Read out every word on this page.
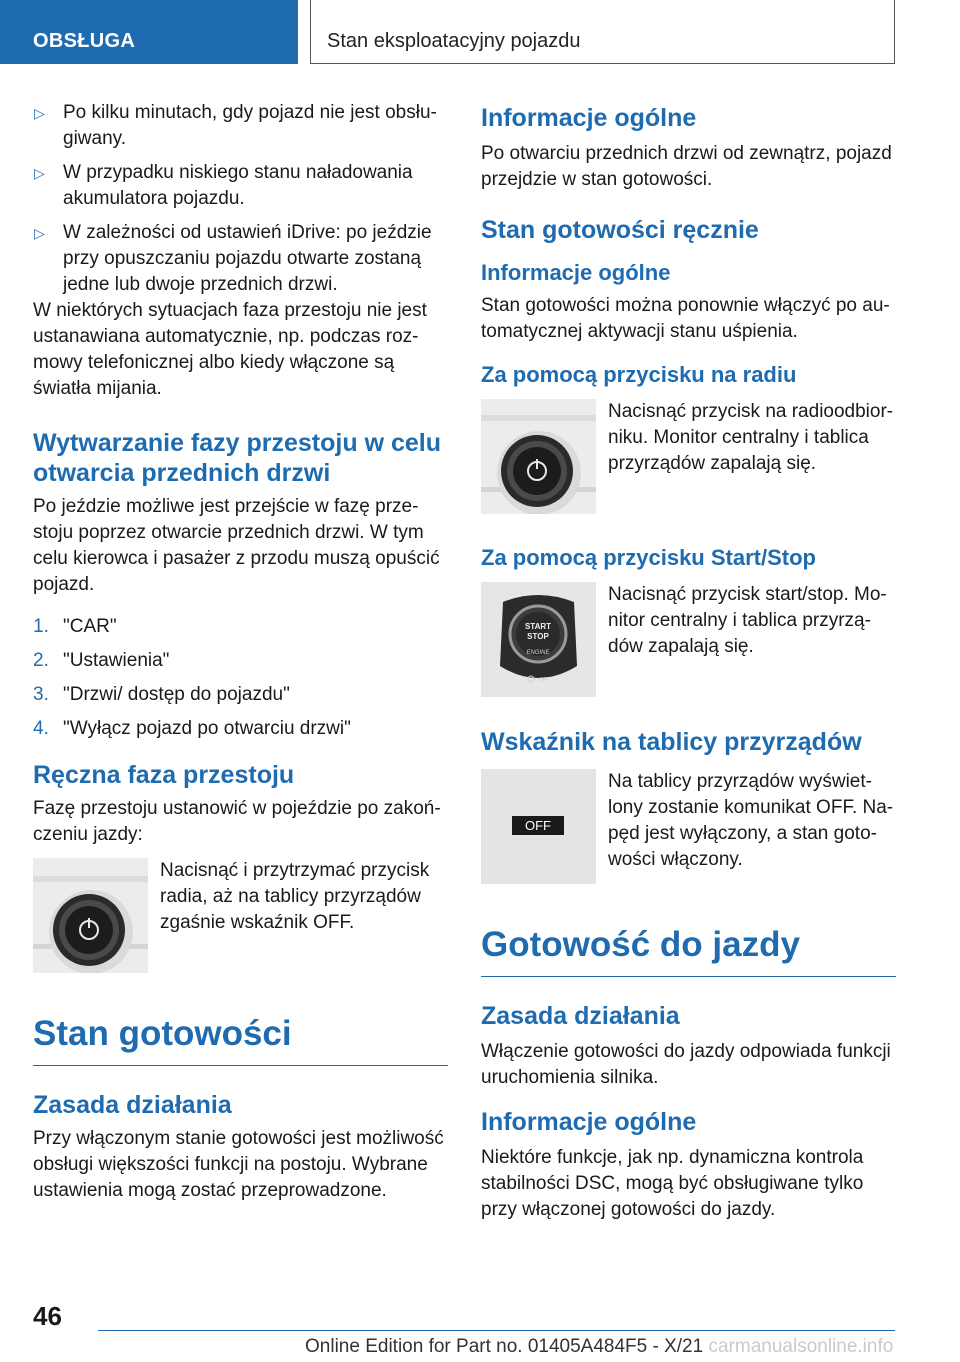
OBSŁUGA	Stan eksploatacyjny pojazdu
▷ Po kilku minutach, gdy pojazd nie jest obsłu-giwany.
▷ W przypadku niskiego stanu naładowania akumulatora pojazdu.
▷ W zależności od ustawień iDrive: po jeździe przy opuszczaniu pojazdu otwarte zostaną jedne lub dwoje przednich drzwi.

W niektórych sytuacjach faza przestoju nie jest ustanawiana automatycznie, np. podczas roz-mowy telefonicznej albo kiedy włączone są światła mijania.

Wytwarzanie fazy przestoju w celu otwarcia przednich drzwi

Po jeździe możliwe jest przejście w fazę prze-stoju poprzez otwarcie przednich drzwi. W tym celu kierowca i pasażer z przodu muszą opuścić pojazd.

1. "CAR"
2. "Ustawienia"
3. "Drzwi/ dostęp do pojazdu"
4. "Wyłącz pojazd po otwarciu drzwi"
Ręczna faza przestoju

Fazę przestoju ustanowić w pojeździe po zakoń-czeniu jazdy:

Nacisnąć i przytrzymać przycisk radia, aż na tablicy przyrządów zgaśnie wskaźnik OFF.

Stan gotowości
Zasada działania

Przy włączonym stanie gotowości jest możliwość obsługi większości funkcji na postoju. Wybrane ustawienia mogą zostać przeprowadzone.

Informacje ogólne

Po otwarciu przednich drzwi od zewnątrz, pojazd przejdzie w stan gotowości.

Stan gotowości ręcznie
Informacje ogólne

Stan gotowości można ponownie włączyć po au-tomatycznej aktywacji stanu uśpienia.

Za pomocą przycisku na radiu

Nacisnąć przycisk na radioodbior-niku. Monitor centralny i tablica przyrządów zapalają się.

Za pomocą przycisku Start/Stop
START
STOP
ENGINE
OFF

Nacisnąć przycisk start/stop. Mo-nitor centralny i tablica przyrzą-dów zapalają się.

Wskaźnik na tablicy przyrządów
OFF

Na tablicy przyrządów wyświet-lony zostanie komunikat OFF. Na-pęd jest wyłączony, a stan goto-wości włączony.

Gotowość do jazdy
Zasada działania

Włączenie gotowości do jazdy odpowiada funkcji uruchomienia silnika.

Informacje ogólne

Niektóre funkcje, jak np. dynamiczna kontrola stabilności DSC, mogą być obsługiwane tylko przy włączonej gotowości do jazdy.

46
Online Edition for Part no. 01405A484F5 - X/21 carmanualsonline.info
